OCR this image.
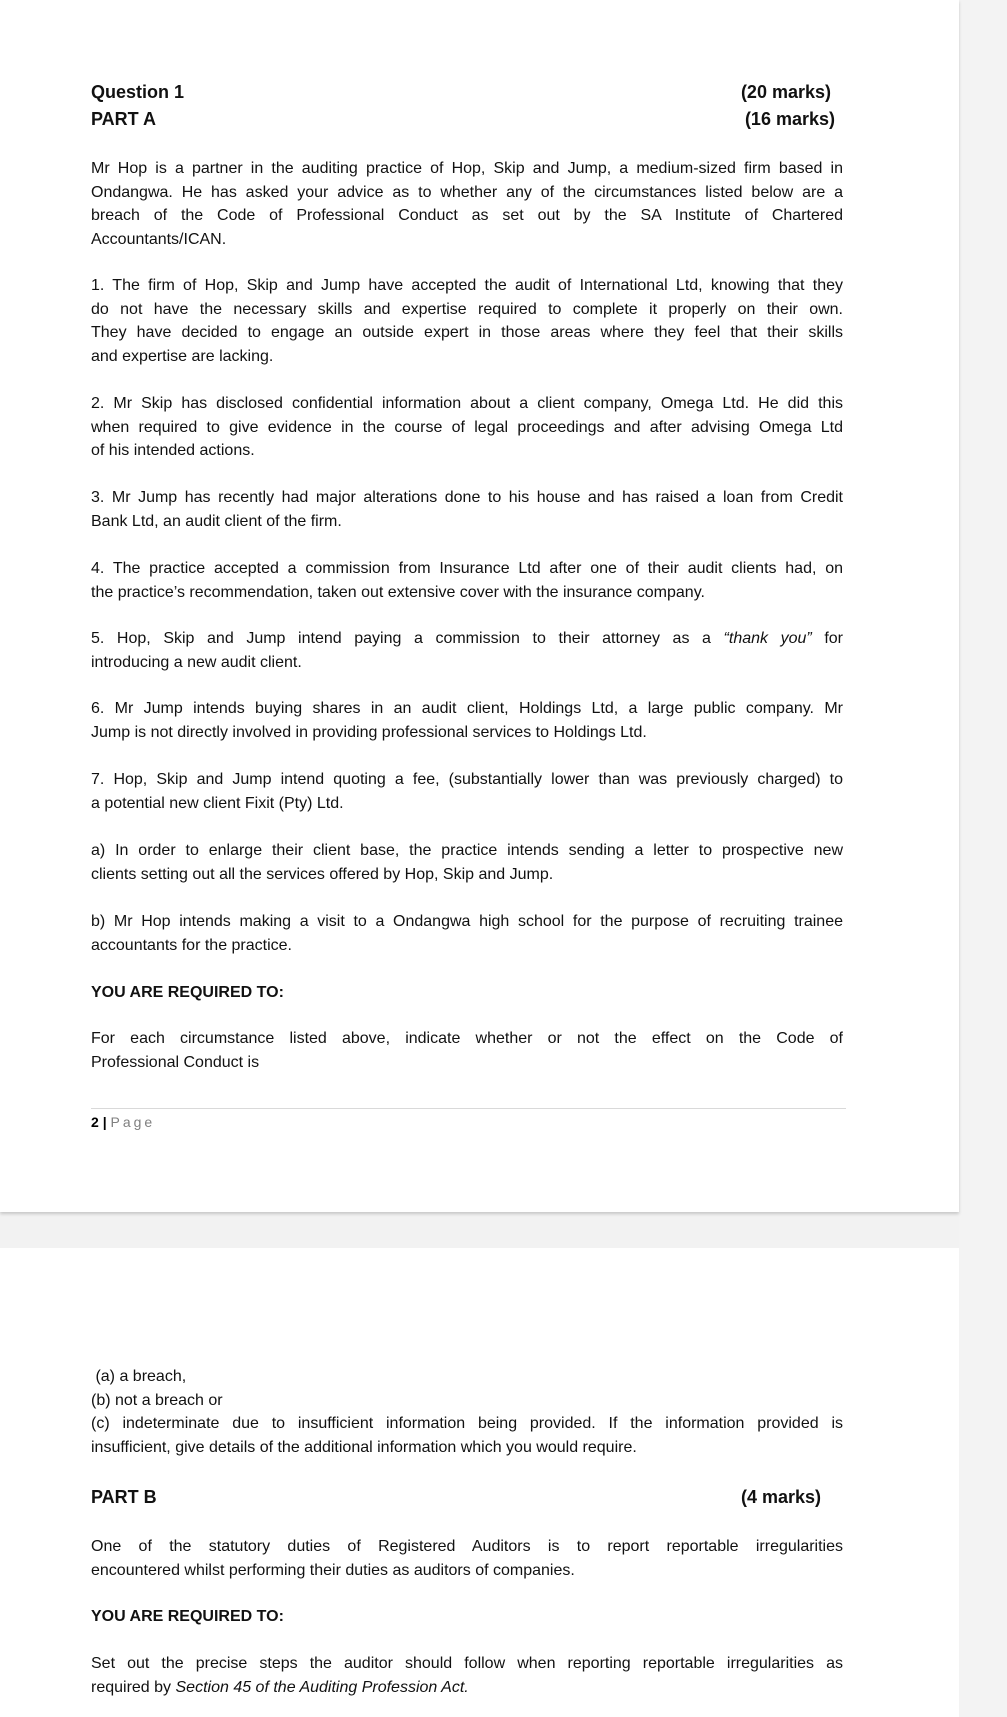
Question 1	(20 marks)
PART A	(16 marks)
Mr Hop is a partner in the auditing practice of Hop, Skip and Jump, a medium-sized firm based in
Ondangwa. He has asked your advice as to whether any of the circumstances listed below are a
breach of the Code of Professional Conduct as set out by the SA Institute of Chartered
Accountants/ICAN.
1. The firm of Hop, Skip and Jump have accepted the audit of International Ltd, knowing that they
do not have the necessary skills and expertise required to complete it properly on their own.
They have decided to engage an outside expert in those areas where they feel that their skills
and expertise are lacking.
2. Mr Skip has disclosed confidential information about a client company, Omega Ltd. He did this
when required to give evidence in the course of legal proceedings and after advising Omega Ltd
of his intended actions.
3. Mr Jump has recently had major alterations done to his house and has raised a loan from Credit
Bank Ltd, an audit client of the firm.
4. The practice accepted a commission from Insurance Ltd after one of their audit clients had, on
the practice’s recommendation, taken out extensive cover with the insurance company.
5. Hop, Skip and Jump intend paying a commission to their attorney as a “thank you” for
introducing a new audit client.
6. Mr Jump intends buying shares in an audit client, Holdings Ltd, a large public company. Mr
Jump is not directly involved in providing professional services to Holdings Ltd.
7. Hop, Skip and Jump intend quoting a fee, (substantially lower than was previously charged) to
a potential new client Fixit (Pty) Ltd.
a) In order to enlarge their client base, the practice intends sending a letter to prospective new
clients setting out all the services offered by Hop, Skip and Jump.
b) Mr Hop intends making a visit to a Ondangwa high school for the purpose of recruiting trainee
accountants for the practice.
YOU ARE REQUIRED TO:
For each circumstance listed above, indicate whether or not the effect on the Code of
Professional Conduct is
2 | Page
PART B	(4 marks)
(a) a breach,
(b) not a breach or
(c) indeterminate due to insufficient information being provided. If the information provided is
insufficient, give details of the additional information which you would require.
One of the statutory duties of Registered Auditors is to report reportable irregularities
encountered whilst performing their duties as auditors of companies.
YOU ARE REQUIRED TO:
Set out the precise steps the auditor should follow when reporting reportable irregularities as
required by Section 45 of the Auditing Profession Act.
